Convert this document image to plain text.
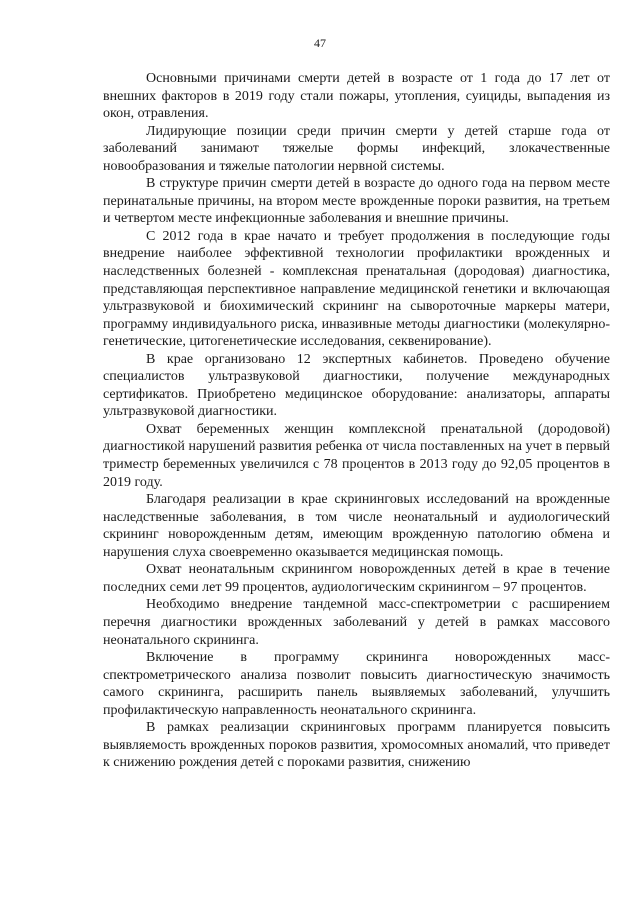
47

Основными причинами смерти детей в возрасте от 1 года до 17 лет от внешних факторов в 2019 году стали пожары, утопления, суициды, выпадения из окон, отравления.

Лидирующие позиции среди причин смерти у детей старше года от заболеваний занимают тяжелые формы инфекций, злокачественные новообразования и тяжелые патологии нервной системы.

В структуре причин смерти детей в возрасте до одного года на первом месте перинатальные причины, на втором месте врожденные пороки развития, на третьем и четвертом месте инфекционные заболевания и внешние причины.

С 2012 года в крае начато и требует продолжения в последующие годы внедрение наиболее эффективной технологии профилактики врожденных и наследственных болезней - комплексная пренатальная (дородовая) диагностика, представляющая перспективное направление медицинской генетики и включающая ультразвуковой и биохимический скрининг на сывороточные маркеры матери, программу индивидуального риска, инвазивные методы диагностики (молекулярно-генетические, цитогенетические исследования, секвенирование).

В крае организовано 12 экспертных кабинетов. Проведено обучение специалистов ультразвуковой диагностики, получение международных сертификатов. Приобретено медицинское оборудование: анализаторы, аппараты ультразвуковой диагностики.

Охват беременных женщин комплексной пренатальной (дородовой) диагностикой нарушений развития ребенка от числа поставленных на учет в первый триместр беременных увеличился с 78 процентов в 2013 году до 92,05 процентов в 2019 году.

Благодаря реализации в крае скрининговых исследований на врожденные наследственные заболевания, в том числе неонатальный и аудиологический скрининг новорожденным детям, имеющим врожденную патологию обмена и нарушения слуха своевременно оказывается медицинская помощь.

Охват неонатальным скринингом новорожденных детей в крае в течение последних семи лет 99 процентов, аудиологическим скринингом – 97 процентов.

Необходимо внедрение тандемной масс-спектрометрии с расширением перечня диагностики врожденных заболеваний у детей в рамках массового неонатального скрининга.

Включение в программу скрининга новорожденных масс-спектрометрического анализа позволит повысить диагностическую значимость самого скрининга, расширить панель выявляемых заболеваний, улучшить профилактическую направленность неонатального скрининга.

В рамках реализации скрининговых программ планируется повысить выявляемость врожденных пороков развития, хромосомных аномалий, что приведет к снижению рождения детей с пороками развития, снижению
